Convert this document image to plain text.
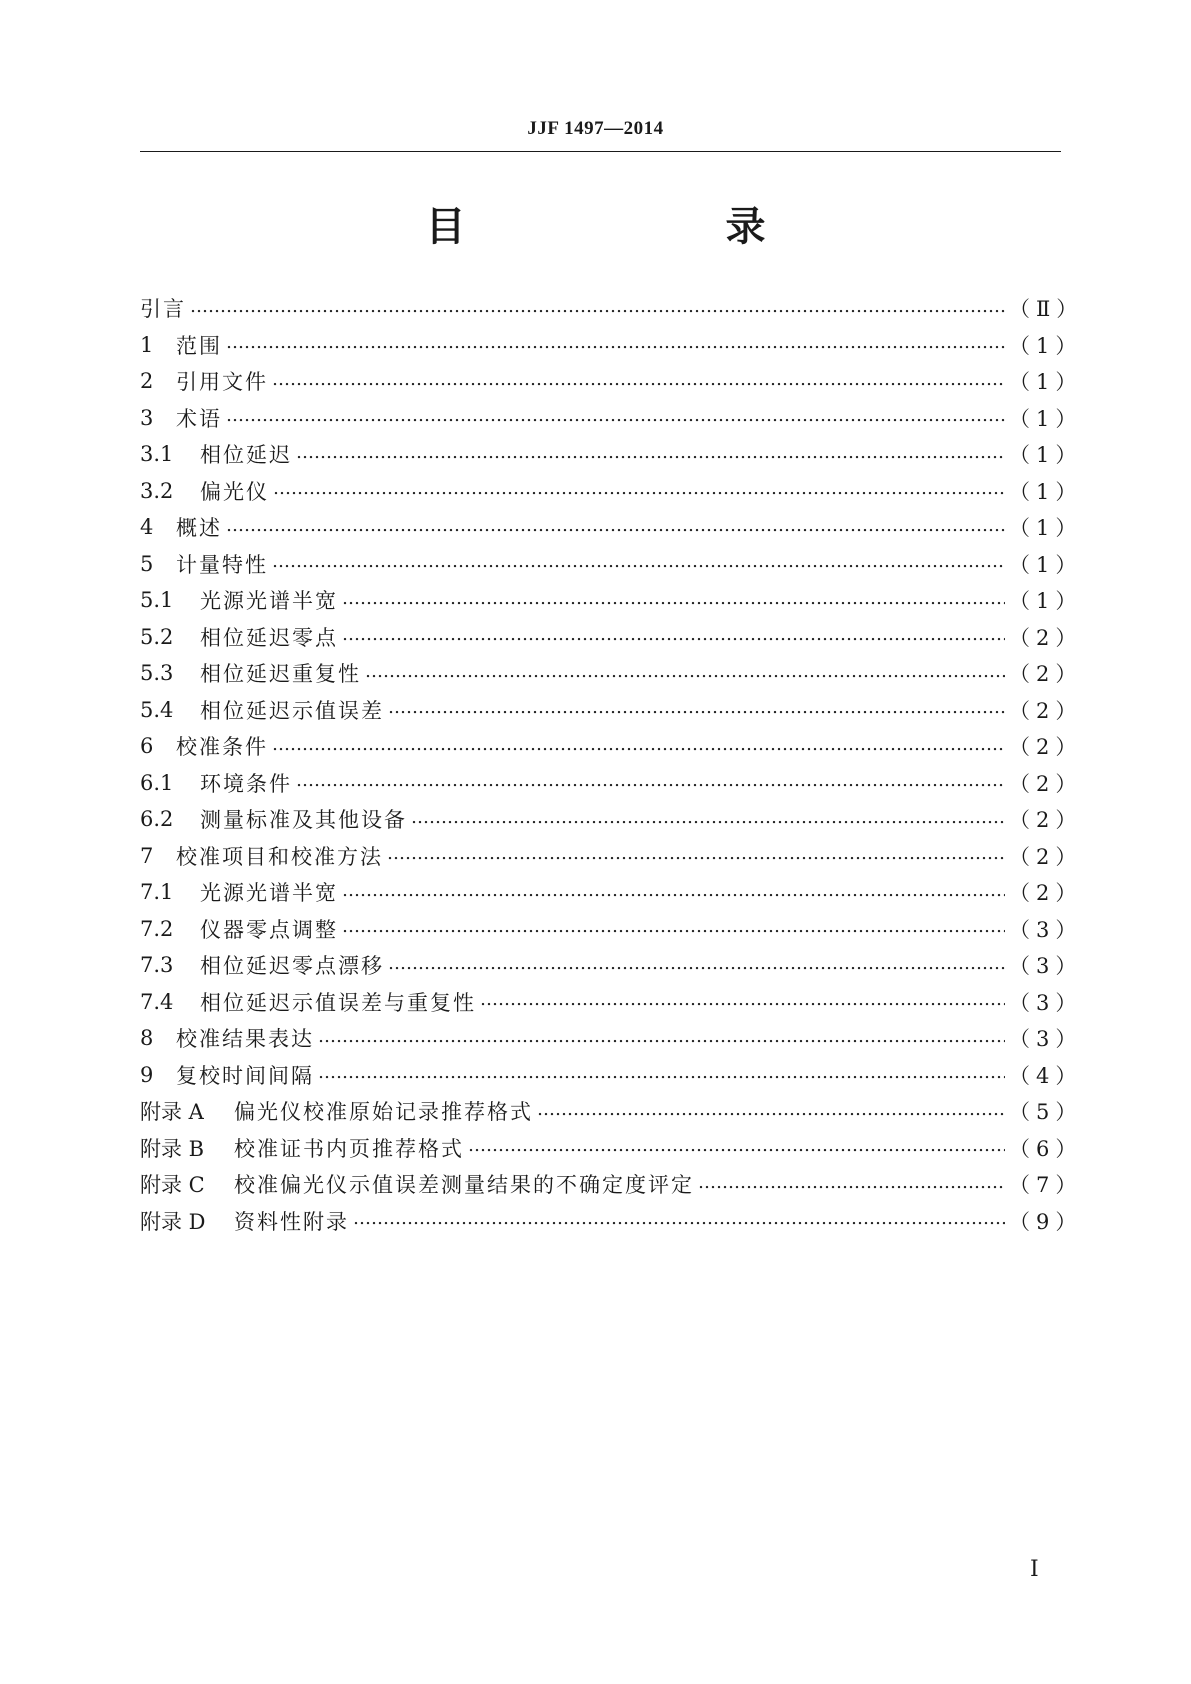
JJF 1497—2014
目　　录
引言 …………………………………………………………………………………………………………………………………………………………………………………………………………	（Ⅱ）
1	范围 …………………………………………………………………………………………………………………………………………………………………………………………………………	（1）
2	引用文件 …………………………………………………………………………………………………………………………………………………………………………………………………………	（1）
3	术语 …………………………………………………………………………………………………………………………………………………………………………………………………………	（1）
3.1	相位延迟 …………………………………………………………………………………………………………………………………………………………………………………………………………	（1）
3.2	偏光仪 …………………………………………………………………………………………………………………………………………………………………………………………………………	（1）
4	概述 …………………………………………………………………………………………………………………………………………………………………………………………………………	（1）
5	计量特性 …………………………………………………………………………………………………………………………………………………………………………………………………………	（1）
5.1	光源光谱半宽 …………………………………………………………………………………………………………………………………………………………………………………………………………	（1）
5.2	相位延迟零点 …………………………………………………………………………………………………………………………………………………………………………………………………………	（2）
5.3	相位延迟重复性 …………………………………………………………………………………………………………………………………………………………………………………………………………	（2）
5.4	相位延迟示值误差 …………………………………………………………………………………………………………………………………………………………………………………………………………	（2）
6	校准条件 …………………………………………………………………………………………………………………………………………………………………………………………………………	（2）
6.1	环境条件 …………………………………………………………………………………………………………………………………………………………………………………………………………	（2）
6.2	测量标准及其他设备 …………………………………………………………………………………………………………………………………………………………………………………………………………	（2）
7	校准项目和校准方法 …………………………………………………………………………………………………………………………………………………………………………………………………………	（2）
7.1	光源光谱半宽 …………………………………………………………………………………………………………………………………………………………………………………………………………	（2）
7.2	仪器零点调整 …………………………………………………………………………………………………………………………………………………………………………………………………………	（3）
7.3	相位延迟零点漂移 …………………………………………………………………………………………………………………………………………………………………………………………………………	（3）
7.4	相位延迟示值误差与重复性 …………………………………………………………………………………………………………………………………………………………………………………………………………	（3）
8	校准结果表达 …………………………………………………………………………………………………………………………………………………………………………………………………………	（3）
9	复校时间间隔 …………………………………………………………………………………………………………………………………………………………………………………………………………	（4）
附录 A	偏光仪校准原始记录推荐格式 …………………………………………………………………………………………………………………………………………………………………………………………………………	（5）
附录 B	校准证书内页推荐格式 …………………………………………………………………………………………………………………………………………………………………………………………………………	（6）
附录 C	校准偏光仪示值误差测量结果的不确定度评定 …………………………………………………………………………………………………………………………………………………………………………………………………………	（7）
附录 D	资料性附录 …………………………………………………………………………………………………………………………………………………………………………………………………………	（9）
Ⅰ
